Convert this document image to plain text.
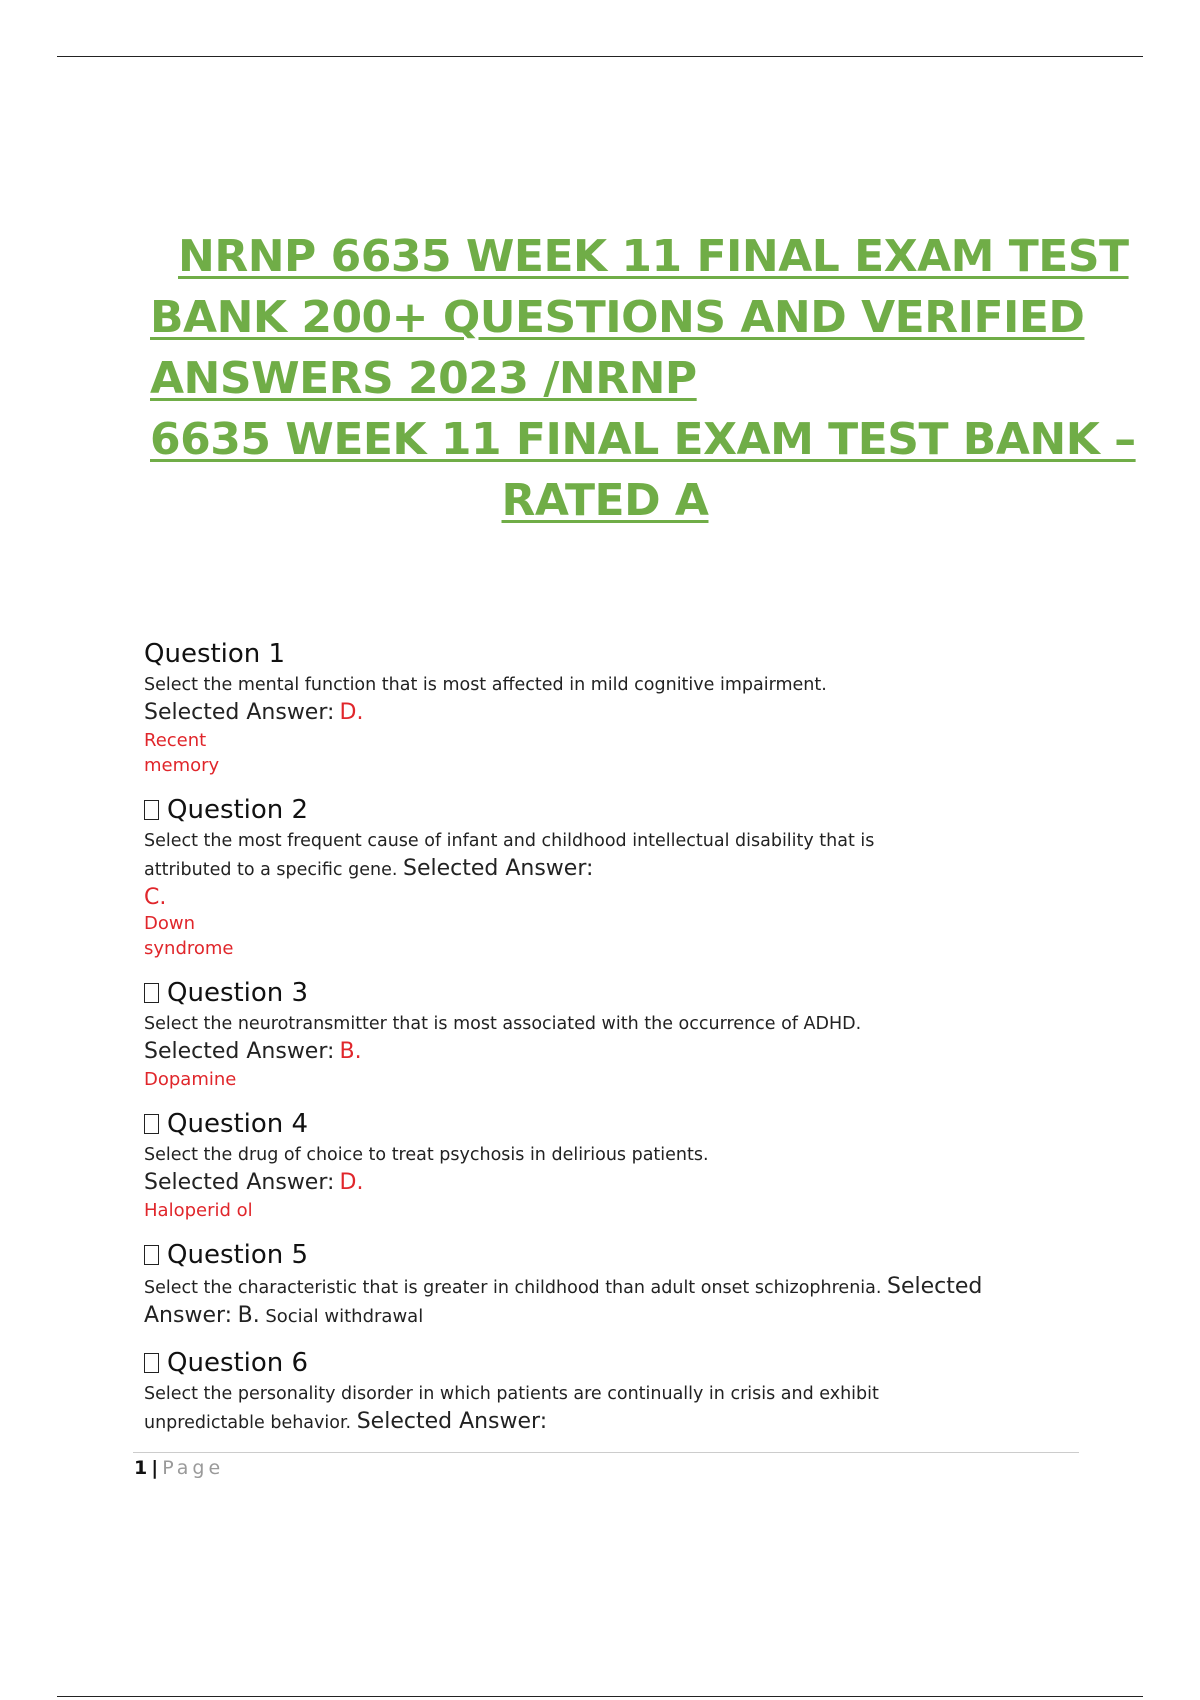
NRNP 6635 WEEK 11 FINAL EXAM TEST
BANK 200+ QUESTIONS AND VERIFIED
ANSWERS 2023 /NRNP
6635 WEEK 11 FINAL EXAM TEST BANK –
RATED A
Question 1
Select the mental function that is most affected in mild cognitive impairment.
Selected Answer: D.
Recent
memory
Question 2
Select the most frequent cause of infant and childhood intellectual disability that is
attributed to a specific gene. Selected Answer:
C.
Down
syndrome
Question 3
Select the neurotransmitter that is most associated with the occurrence of ADHD.
Selected Answer: B.
Dopamine
Question 4
Select the drug of choice to treat psychosis in delirious patients.
Selected Answer: D.
Haloperid ol
Question 5
Select the characteristic that is greater in childhood than adult onset schizophrenia. Selected
Answer: B. Social withdrawal
Question 6
Select the personality disorder in which patients are continually in crisis and exhibit
unpredictable behavior. Selected Answer:
1 | Page
